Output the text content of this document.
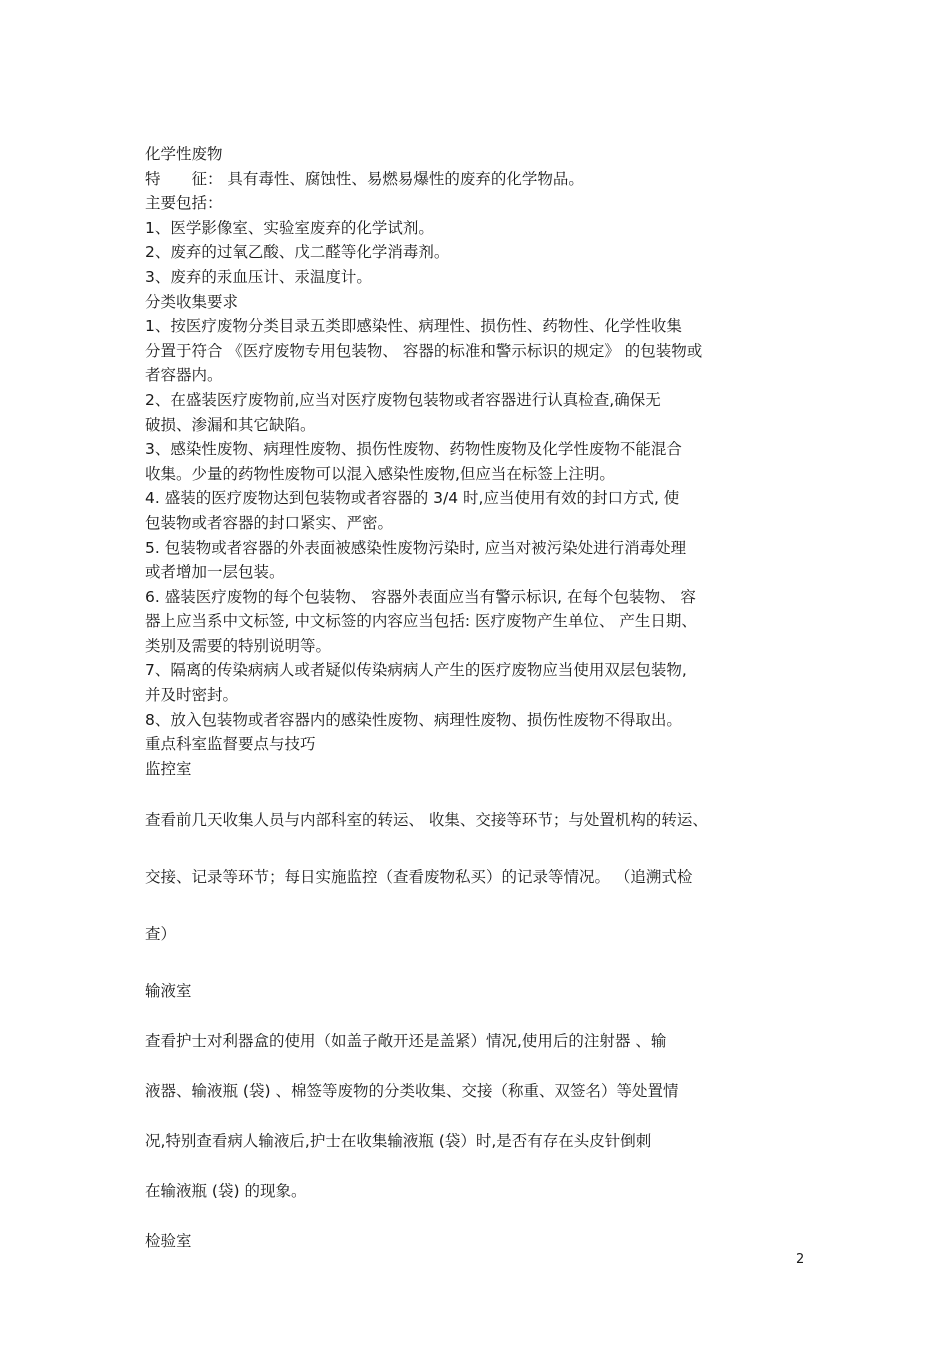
化学性废物
特　　征： 具有毒性、腐蚀性、易燃易爆性的废弃的化学物品。
主要包括：
1、医学影像室、实验室废弃的化学试剂。
2、废弃的过氧乙酸、戊二醛等化学消毒剂。
3、废弃的汞血压计、汞温度计。
分类收集要求
1、按医疗废物分类目录五类即感染性、病理性、损伤性、药物性、化学性收集
分置于符合 《医疗废物专用包装物、 容器的标准和警示标识的规定》 的包装物或
者容器内。
2、在盛装医疗废物前,应当对医疗废物包装物或者容器进行认真检查,确保无
破损、渗漏和其它缺陷。
3、感染性废物、病理性废物、损伤性废物、药物性废物及化学性废物不能混合
收集。少量的药物性废物可以混入感染性废物,但应当在标签上注明。
4. 盛装的医疗废物达到包装物或者容器的 3/4 时,应当使用有效的封口方式, 使
包装物或者容器的封口紧实、严密。
5. 包装物或者容器的外表面被感染性废物污染时, 应当对被污染处进行消毒处理
或者增加一层包装。
6. 盛装医疗废物的每个包装物、 容器外表面应当有警示标识, 在每个包装物、 容
器上应当系中文标签, 中文标签的内容应当包括: 医疗废物产生单位、 产生日期、
类别及需要的特别说明等。
7、隔离的传染病病人或者疑似传染病病人产生的医疗废物应当使用双层包装物,
并及时密封。
8、放入包装物或者容器内的感染性废物、病理性废物、损伤性废物不得取出。
重点科室监督要点与技巧
监控室
查看前几天收集人员与内部科室的转运、 收集、交接等环节；与处置机构的转运、
交接、记录等环节；每日实施监控（查看废物私买）的记录等情况。 （追溯式检
查）
输液室
查看护士对利器盒的使用（如盖子敞开还是盖紧）情况,使用后的注射器 、输
液器、输液瓶 (袋) 、棉签等废物的分类收集、交接（称重、双签名）等处置情
况,特别查看病人输液后,护士在收集输液瓶 (袋）时,是否有存在头皮针倒刺
在输液瓶 (袋) 的现象。
检验室
2
